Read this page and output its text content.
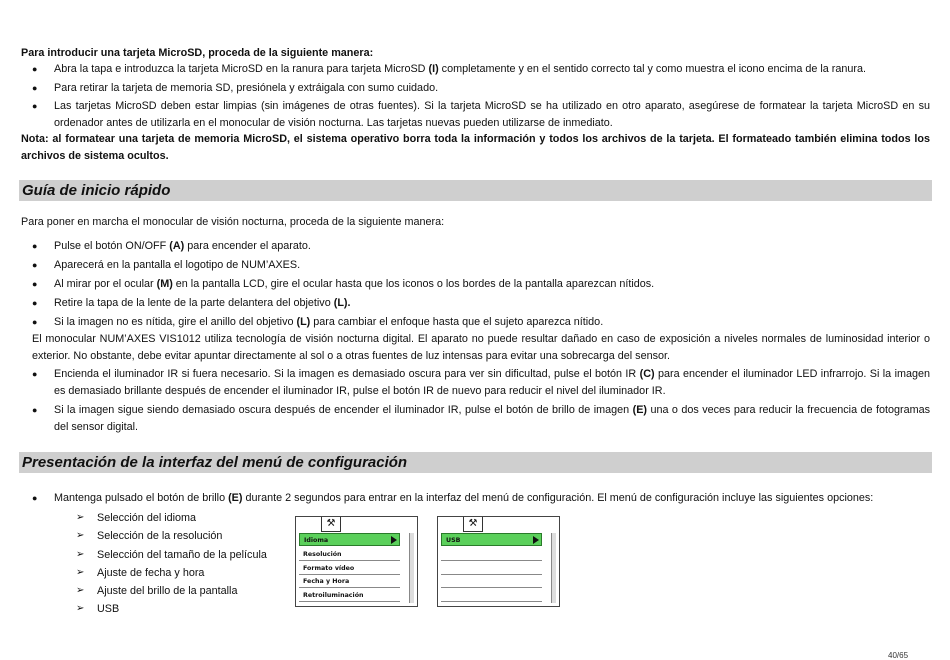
Para introducir una tarjeta MicroSD, proceda de la siguiente manera:

● Abra la tapa e introduzca la tarjeta MicroSD en la ranura para tarjeta MicroSD (I) completamente y en el sentido correcto tal y como muestra el icono encima de la ranura.
● Para retirar la tarjeta de memoria SD, presiónela y extráigala con sumo cuidado.
● Las tarjetas MicroSD deben estar limpias (sin imágenes de otras fuentes). Si la tarjeta MicroSD se ha utilizado en otro aparato, asegúrese de formatear la tarjeta MicroSD en su ordenador antes de utilizarla en el monocular de visión nocturna. Las tarjetas nuevas pueden utilizarse de inmediato.

Nota: al formatear una tarjeta de memoria MicroSD, el sistema operativo borra toda la información y todos los archivos de la tarjeta. El formateado también elimina todos los archivos de sistema ocultos.

Guía de inicio rápido

Para poner en marcha el monocular de visión nocturna, proceda de la siguiente manera:

● Pulse el botón ON/OFF (A) para encender el aparato.
● Aparecerá en la pantalla el logotipo de NUM’AXES.
● Al mirar por el ocular (M) en la pantalla LCD, gire el ocular hasta que los iconos o los bordes de la pantalla aparezcan nítidos.
● Retire la tapa de la lente de la parte delantera del objetivo (L).
● Si la imagen no es nítida, gire el anillo del objetivo (L) para cambiar el enfoque hasta que el sujeto aparezca nítido.

El monocular NUM’AXES VIS1012 utiliza tecnología de visión nocturna digital. El aparato no puede resultar dañado en caso de exposición a niveles normales de luminosidad interior o exterior. No obstante, debe evitar apuntar directamente al sol o a otras fuentes de luz intensas para evitar una sobrecarga del sensor.

● Encienda el iluminador IR si fuera necesario. Si la imagen es demasiado oscura para ver sin dificultad, pulse el botón IR (C) para encender el iluminador LED infrarrojo. Si la imagen es demasiado brillante después de encender el iluminador IR, pulse el botón IR de nuevo para reducir el nivel del iluminador IR.
● Si la imagen sigue siendo demasiado oscura después de encender el iluminador IR, pulse el botón de brillo de imagen (E) una o dos veces para reducir la frecuencia de fotogramas del sensor digital.
Presentación de la interfaz del menú de configuración
● Mantenga pulsado el botón de brillo (E) durante 2 segundos para entrar en la interfaz del menú de configuración. El menú de configuración incluye las siguientes opciones:
➢ Selección del idioma
➢ Selección de la resolución
➢ Selección del tamaño de la película
➢ Ajuste de fecha y hora
➢ Ajuste del brillo de la pantalla
➢ USB
⚒
Idioma
Resolución
Formato vídeo
Fecha y Hora
Retroiluminación
⚒
USB
40/65
